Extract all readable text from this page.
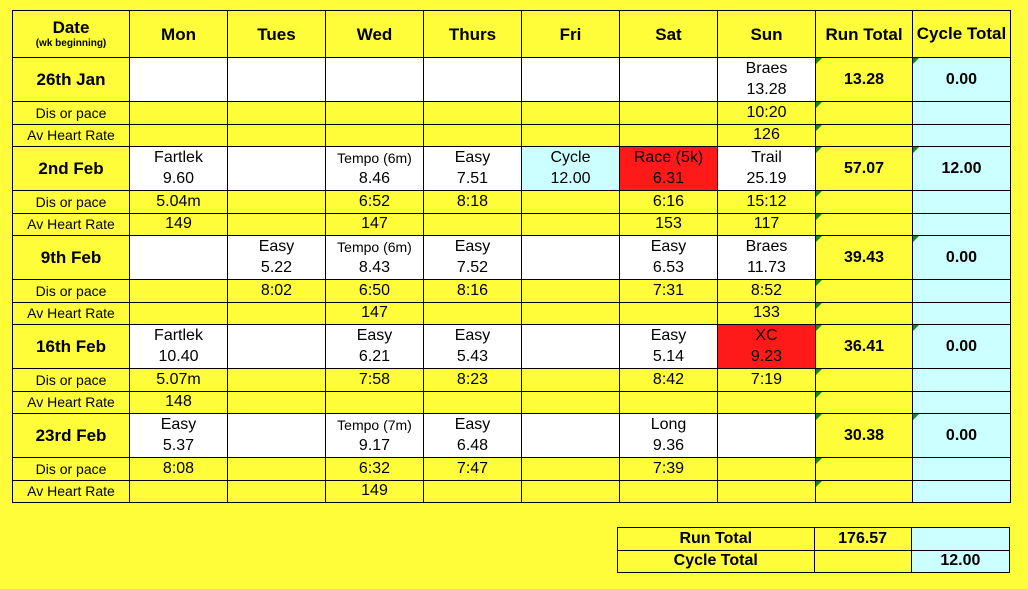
Date
(wk beginning)	Mon	Tues	Wed	Thurs	Fri	Sat	Sun	Run Total	Cycle Total
26th Jan							Braes	13.28	0.00
							13.28		
Dis or pace							10:20		
Av Heart Rate							126		
2nd Feb	Fartlek		Tempo (6m)	Easy	Cycle	Race (5k)	Trail	57.07	12.00
	9.60		8.46	7.51	12.00	6.31	25.19		
Dis or pace	5.04m		6:52	8:18		6:16	15:12		
Av Heart Rate	149		147			153	117		
9th Feb		Easy	Tempo (6m)	Easy		Easy	Braes	39.43	0.00
		5.22	8.43	7.52		6.53	11.73		
Dis or pace		8:02	6:50	8:16		7:31	8:52		
Av Heart Rate			147				133		
16th Feb	Fartlek		Easy	Easy		Easy	XC	36.41	0.00
	10.40		6.21	5.43		5.14	9.23		
Dis or pace	5.07m		7:58	8:23		8:42	7:19		
Av Heart Rate	148								
23rd Feb	Easy		Tempo (7m)	Easy		Long		30.38	0.00
	5.37		9.17	6.48		9.36			
Dis or pace	8:08		6:32	7:47		7:39			
Av Heart Rate			149						
Run Total	176.57	
Cycle Total		12.00
